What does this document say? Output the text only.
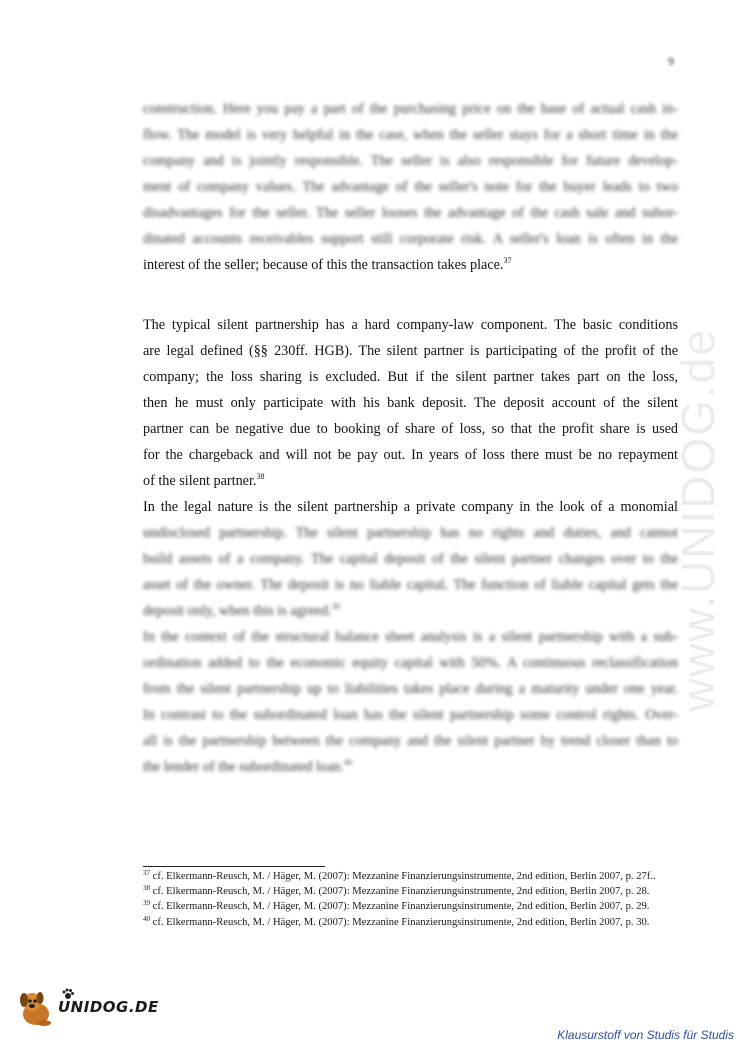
www.UNIDOG.de
9
construction. Here you pay a part of the purchasing price on the base of actual cash in-
flow. The model is very helpful in the case, when the seller stays for a short time in the
company and is jointly responsible. The seller is also responsible for future develop-
ment of company values. The advantage of the seller's note for the buyer leads to two
disadvantages for the seller. The seller looses the advantage of the cash sale and subor-
dinated accounts receivables support still corporate risk. A seller's loan is often in the
interest of the seller; because of this the transaction takes place.$^{37}$
The typical silent partnership has a hard company-law component. The basic conditions
are legal defined (§§ 230ff. HGB). The silent partner is participating of the profit of the
company; the loss sharing is excluded. But if the silent partner takes part on the loss,
then he must only participate with his bank deposit. The deposit account of the silent
partner can be negative due to booking of share of loss, so that the profit share is used
for the chargeback and will not be pay out. In years of loss there must be no repayment
of the silent partner.$^{38}$
In the legal nature is the silent partnership a private company in the look of a monomial
undisclosed partnership. The silent partnership has no rights and duties, and cannot
build assets of a company. The capital deposit of the silent partner changes over to the
asset of the owner. The deposit is no liable capital. The function of liable capital gets the
deposit only, when this is agreed.$^{39}$
In the context of the structural balance sheet analysis is a silent partnership with a sub-
ordination added to the economic equity capital with 50%. A continuous reclassification
from the silent partnership up to liabilities takes place during a maturity under one year.
In contrast to the subordinated loan has the silent partnership some control rights. Over-
all is the partnership between the company and the silent partner by trend closer than to
the lender of the subordinated loan.$^{40}$
$^{37}$ cf. Elkermann-Reusch, M. / Häger, M. (2007): Mezzanine Finanzierungsinstrumente, 2nd edition, Berlin 2007, p. 27f..
$^{38}$ cf. Elkermann-Reusch, M. / Häger, M. (2007): Mezzanine Finanzierungsinstrumente, 2nd edition, Berlin 2007, p. 28.
$^{39}$ cf. Elkermann-Reusch, M. / Häger, M. (2007): Mezzanine Finanzierungsinstrumente, 2nd edition, Berlin 2007, p. 29.
$^{40}$ cf. Elkermann-Reusch, M. / Häger, M. (2007): Mezzanine Finanzierungsinstrumente, 2nd edition, Berlin 2007, p. 30.
UNIDOG.DE
Klausurstoff von Studis für Studis
